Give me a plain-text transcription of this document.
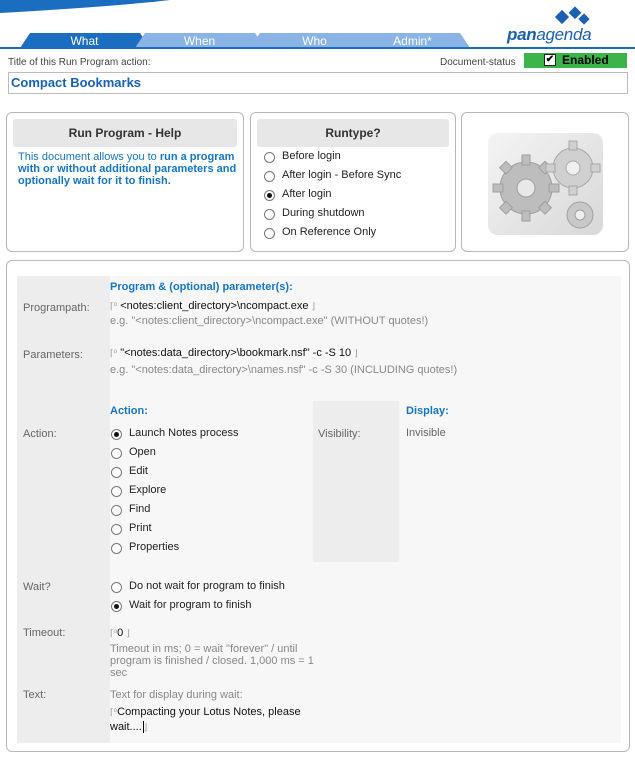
What	When	Who	Admin*	panagenda
Title of this Run Program action:	Document-status	✔ Enabled
Compact Bookmarks
Run Program - Help
This document allows you to run a program with or without additional parameters and optionally wait for it to finish.
Runtype?
Before login
After login - Before Sync
After login
During shutdown
On Reference Only
Program & (optional) parameter(s):
Programpath: ⌈⁰ <notes:client_directory>\ncompact.exe ⌋
e.g. "<notes:client_directory>\ncompact.exe" (WITHOUT quotes!)
Parameters:	⌈⁰ "<notes:data_directory>\bookmark.nsf" -c -S 10 ⌋
e.g. "<notes:data_directory>\names.nsf" -c -S 30 (INCLUDING quotes!)
Action:	Display:
Action:	Visibility:	Invisible
Launch Notes process
Open
Edit
Explore
Find
Print
Properties
Wait?	Do not wait for program to finish
Wait for program to finish
Timeout:	⌈⁰0 ⌋
Timeout in ms; 0 = wait "forever" / until
program is finished / closed. 1,000 ms = 1
sec
Text:	Text for display during wait:
⌈⁰Compacting your Lotus Notes, please
wait.... ⌋
